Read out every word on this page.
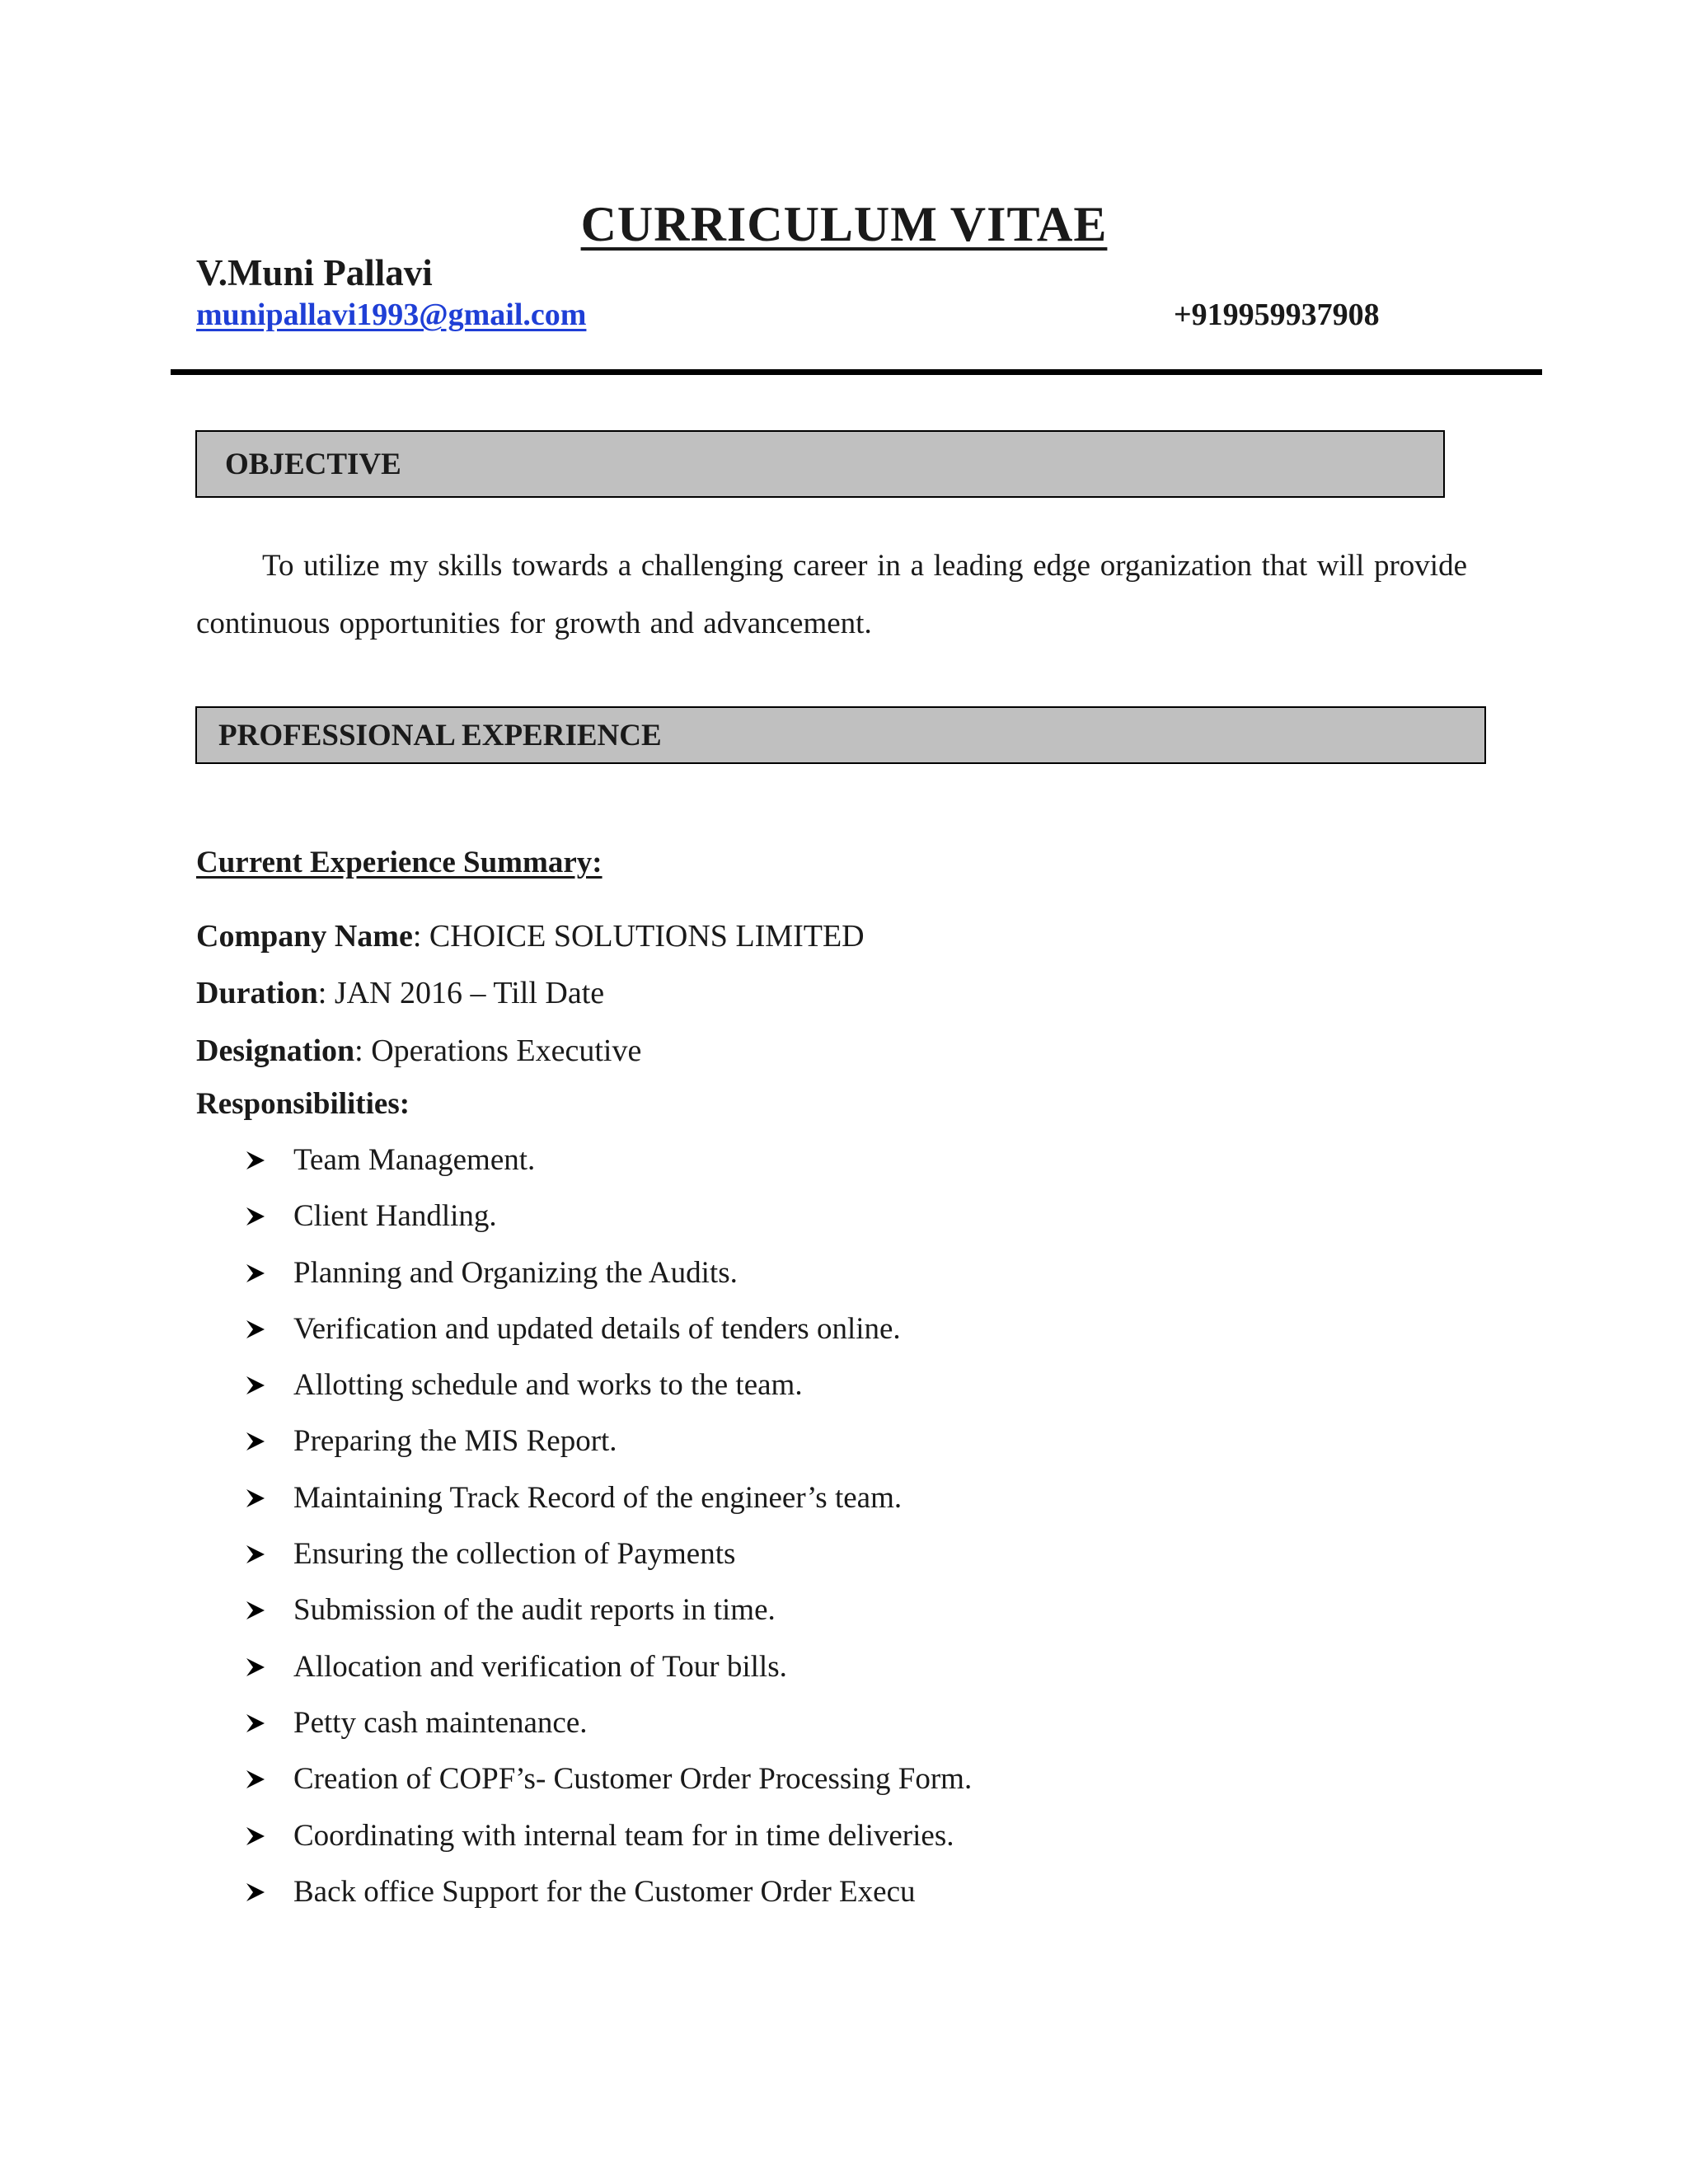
CURRICULUM VITAE
V.Muni Pallavi
munipallavi1993@gmail.com	+919959937908
OBJECTIVE

To utilize my skills towards a challenging career in a leading edge organization that will provide continuous opportunities for growth and advancement.

PROFESSIONAL EXPERIENCE
Current Experience Summary:
Company Name: CHOICE SOLUTIONS LIMITED
Duration: JAN 2016 – Till Date
Designation: Operations Executive
Responsibilities:
Team Management.
Client Handling.
Planning and Organizing the Audits.
Verification and updated details of tenders online.
Allotting schedule and works to the team.
Preparing the MIS Report.
Maintaining Track Record of the engineer’s team.
Ensuring the collection of Payments
Submission of the audit reports in time.
Allocation and verification of Tour bills.
Petty cash maintenance.
Creation of COPF’s- Customer Order Processing Form.
Coordinating with internal team for in time deliveries.
Back office Support for the Customer Order Execu
